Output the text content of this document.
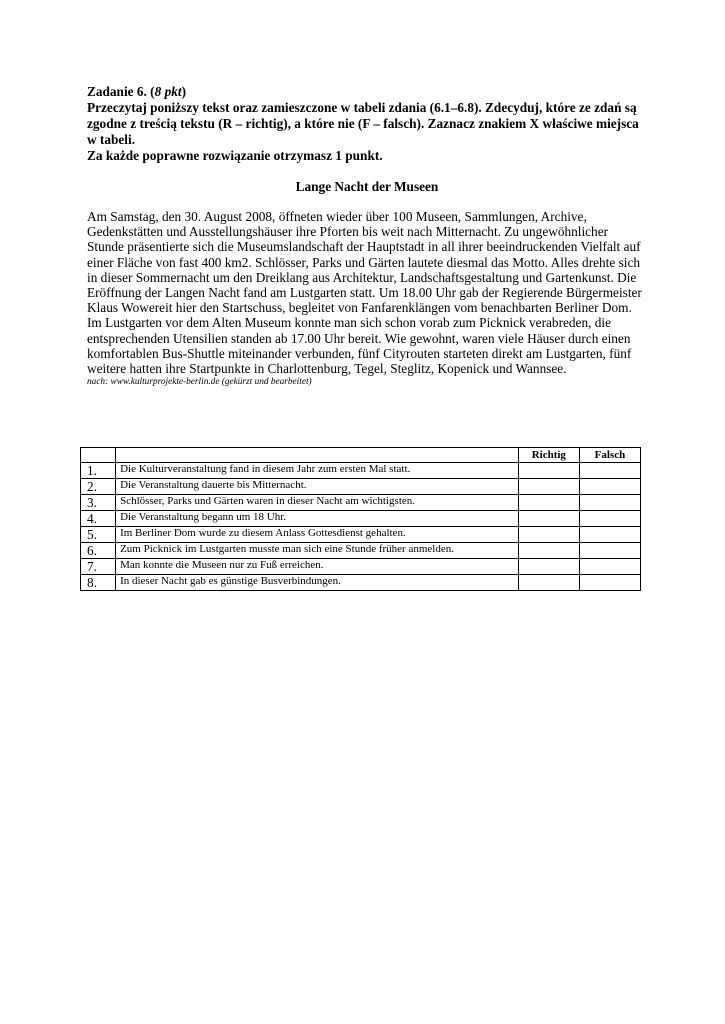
Zadanie 6. (8 pkt)

Przeczytaj poniższy tekst oraz zamieszczone w tabeli zdania (6.1–6.8). Zdecyduj, które ze zdań są zgodne z treścią tekstu (R – richtig), a które nie (F – falsch). Zaznacz znakiem X właściwe miejsca w tabeli.

Za każde poprawne rozwiązanie otrzymasz 1 punkt.

Lange Nacht der Museen

Am Samstag, den 30. August 2008, öffneten wieder über 100 Museen, Sammlungen, Archive, Gedenkstätten und Ausstellungshäuser ihre Pforten bis weit nach Mitternacht. Zu ungewöhnlicher Stunde präsentierte sich die Museumslandschaft der Hauptstadt in all ihrer beeindruckenden Vielfalt auf einer Fläche von fast 400 km2. Schlösser, Parks und Gärten lautete diesmal das Motto. Alles drehte sich in dieser Sommernacht um den Dreiklang aus Architektur, Landschaftsgestaltung und Gartenkunst. Die Eröffnung der Langen Nacht fand am Lustgarten statt. Um 18.00 Uhr gab der Regierende Bürgermeister Klaus Wowereit hier den Startschuss, begleitet von Fanfarenklängen vom benachbarten Berliner Dom. Im Lustgarten vor dem Alten Museum konnte man sich schon vorab zum Picknick verabreden, die entsprechenden Utensilien standen ab 17.00 Uhr bereit. Wie gewohnt, waren viele Häuser durch einen komfortablen Bus-Shuttle miteinander verbunden, fünf Cityrouten starteten direkt am Lustgarten, fünf weitere hatten ihre Startpunkte in Charlottenburg, Tegel, Steglitz, Kopenick und Wannsee.

nach: www.kulturprojekte-berlin.de (gekürzt und bearbeitet)

		Richtig	Falsch
1.	Die Kulturveranstaltung fand in diesem Jahr zum ersten Mal statt.		
2.	Die Veranstaltung dauerte bis Mitternacht.		
3.	Schlösser, Parks und Gärten waren in dieser Nacht am wichtigsten.		
4.	Die Veranstaltung begann um 18 Uhr.		
5.	Im Berliner Dom wurde zu diesem Anlass Gottesdienst gehalten.		
6.	Zum Picknick im Lustgarten musste man sich eine Stunde früher anmelden.		
7.	Man konnte die Museen nur zu Fuß erreichen.		
8.	In dieser Nacht gab es günstige Busverbindungen.		
